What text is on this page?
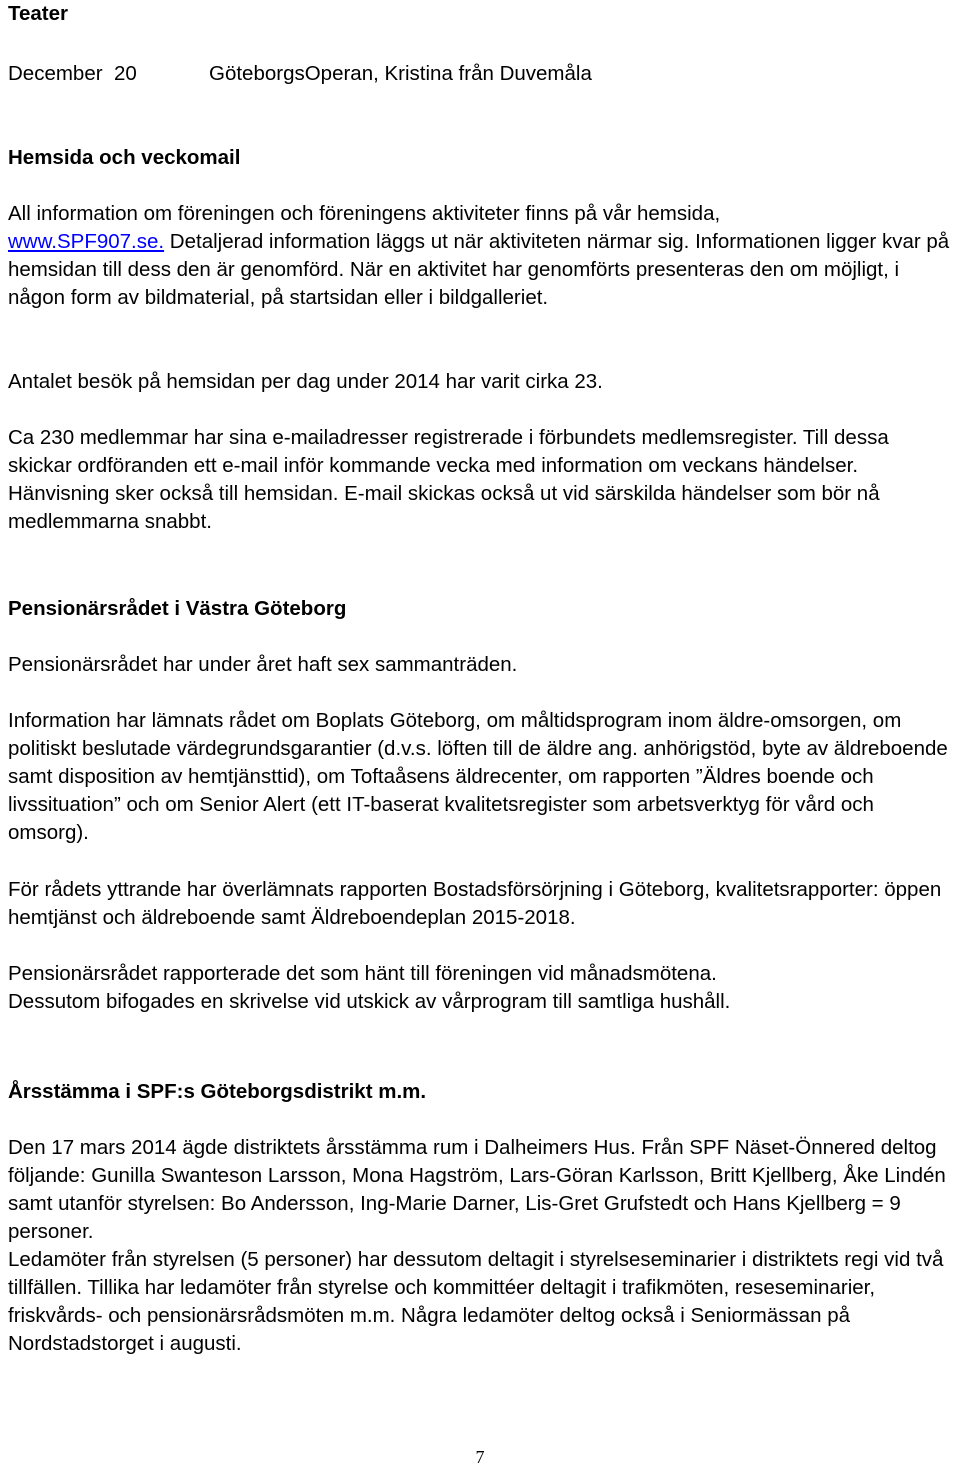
Teater

December  20	GöteborgsOperan, Kristina från Duvemåla

Hemsida och veckomail

All information om föreningen och föreningens aktiviteter finns på vår hemsida,
www.SPF907.se. Detaljerad information läggs ut när aktiviteten närmar sig. Informationen ligger kvar på hemsidan till dess den är genomförd. När en aktivitet har genomförts presenteras den om möjligt, i någon form av bildmaterial, på startsidan eller i bildgalleriet.

Antalet besök på hemsidan per dag under 2014 har varit cirka 23.

Ca 230 medlemmar har sina e-mailadresser registrerade i förbundets medlemsregister. Till dessa skickar ordföranden ett e-mail inför kommande vecka med information om veckans händelser. Hänvisning sker också till hemsidan. E-mail skickas också ut vid särskilda händelser som bör nå medlemmarna snabbt.

Pensionärsrådet i Västra Göteborg

Pensionärsrådet har under året haft sex sammanträden.

Information har lämnats rådet om Boplats Göteborg, om måltidsprogram inom äldre-omsorgen, om politiskt beslutade värdegrundsgarantier (d.v.s. löften till de äldre ang. anhörigstöd, byte av äldreboende samt disposition av hemtjänsttid), om Toftaåsens äldrecenter, om rapporten ”Äldres boende och livssituation” och om Senior Alert (ett IT-baserat kvalitetsregister som arbetsverktyg för vård och omsorg).

För rådets yttrande har överlämnats rapporten Bostadsförsörjning i Göteborg, kvalitetsrapporter: öppen hemtjänst och äldreboende samt Äldreboendeplan 2015-2018.

Pensionärsrådet rapporterade det som hänt till föreningen vid månadsmötena.
Dessutom bifogades en skrivelse vid utskick av vårprogram till samtliga hushåll.

Årsstämma i SPF:s Göteborgsdistrikt m.m.

Den 17 mars 2014 ägde distriktets årsstämma rum i Dalheimers Hus. Från SPF Näset-Önnered deltog följande: Gunilla Swanteson Larsson, Mona Hagström, Lars-Göran Karlsson, Britt Kjellberg, Åke Lindén samt utanför styrelsen: Bo Andersson, Ing-Marie Darner, Lis-Gret Grufstedt och Hans Kjellberg = 9 personer.

Ledamöter från styrelsen (5 personer) har dessutom deltagit i styrelseseminarier i distriktets regi vid två tillfällen. Tillika har ledamöter från styrelse och kommittéer deltagit i trafikmöten, reseseminarier, friskvårds- och pensionärsrådsmöten m.m. Några ledamöter deltog också i Seniormässan på Nordstadstorget i augusti.

7
